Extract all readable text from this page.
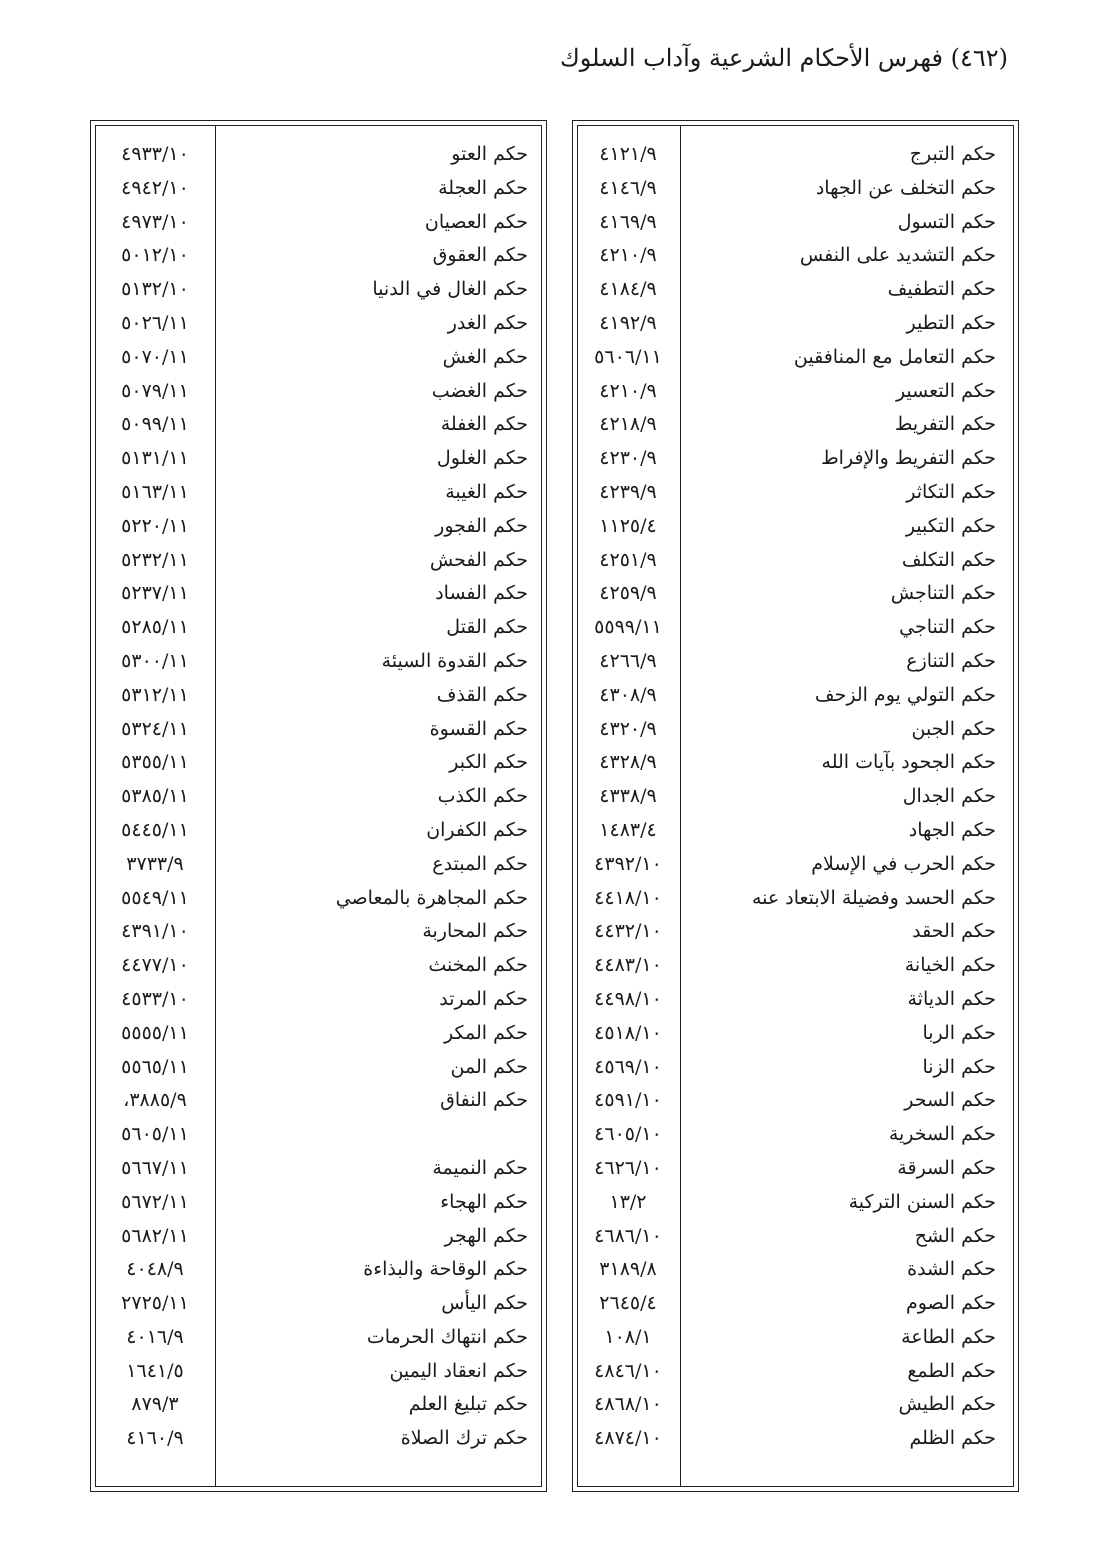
(٤٦٢) فهرس الأحكام الشرعية وآداب السلوك
حكم التبرج
٤١٢١/٩
حكم التخلف عن الجهاد
٤١٤٦/٩
حكم التسول
٤١٦٩/٩
حكم التشديد على النفس
٤٢١٠/٩
حكم التطفيف
٤١٨٤/٩
حكم التطير
٤١٩٢/٩
حكم التعامل مع المنافقين
٥٦٠٦/١١
حكم التعسير
٤٢١٠/٩
حكم التفريط
٤٢١٨/٩
حكم التفريط والإفراط
٤٢٣٠/٩
حكم التكاثر
٤٢٣٩/٩
حكم التكبير
١١٢٥/٤
حكم التكلف
٤٢٥١/٩
حكم التناجش
٤٢٥٩/٩
حكم التناجي
٥٥٩٩/١١
حكم التنازع
٤٢٦٦/٩
حكم التولي يوم الزحف
٤٣٠٨/٩
حكم الجبن
٤٣٢٠/٩
حكم الجحود بآيات الله
٤٣٢٨/٩
حكم الجدال
٤٣٣٨/٩
حكم الجهاد
١٤٨٣/٤
حكم الحرب في الإسلام
٤٣٩٢/١٠
حكم الحسد وفضيلة الابتعاد عنه
٤٤١٨/١٠
حكم الحقد
٤٤٣٢/١٠
حكم الخيانة
٤٤٨٣/١٠
حكم الدياثة
٤٤٩٨/١٠
حكم الربا
٤٥١٨/١٠
حكم الزنا
٤٥٦٩/١٠
حكم السحر
٤٥٩١/١٠
حكم السخرية
٤٦٠٥/١٠
حكم السرقة
٤٦٢٦/١٠
حكم السنن التركية
١٣/٢
حكم الشح
٤٦٨٦/١٠
حكم الشدة
٣١٨٩/٨
حكم الصوم
٢٦٤٥/٤
حكم الطاعة
١٠٨/١
حكم الطمع
٤٨٤٦/١٠
حكم الطيش
٤٨٦٨/١٠
حكم الظلم
٤٨٧٤/١٠
حكم العتو
٤٩٣٣/١٠
حكم العجلة
٤٩٤٢/١٠
حكم العصيان
٤٩٧٣/١٠
حكم العقوق
٥٠١٢/١٠
حكم الغال في الدنيا
٥١٣٢/١٠
حكم الغدر
٥٠٢٦/١١
حكم الغش
٥٠٧٠/١١
حكم الغضب
٥٠٧٩/١١
حكم الغفلة
٥٠٩٩/١١
حكم الغلول
٥١٣١/١١
حكم الغيبة
٥١٦٣/١١
حكم الفجور
٥٢٢٠/١١
حكم الفحش
٥٢٣٢/١١
حكم الفساد
٥٢٣٧/١١
حكم القتل
٥٢٨٥/١١
حكم القدوة السيئة
٥٣٠٠/١١
حكم القذف
٥٣١٢/١١
حكم القسوة
٥٣٢٤/١١
حكم الكبر
٥٣٥٥/١١
حكم الكذب
٥٣٨٥/١١
حكم الكفران
٥٤٤٥/١١
حكم المبتدع
٣٧٣٣/٩
حكم المجاهرة بالمعاصي
٥٥٤٩/١١
حكم المحاربة
٤٣٩١/١٠
حكم المخنث
٤٤٧٧/١٠
حكم المرتد
٤٥٣٣/١٠
حكم المكر
٥٥٥٥/١١
حكم المن
٥٥٦٥/١١
حكم النفاق
٣٨٨٥/٩،
٥٦٠٥/١١
حكم النميمة
٥٦٦٧/١١
حكم الهجاء
٥٦٧٢/١١
حكم الهجر
٥٦٨٢/١١
حكم الوقاحة والبذاءة
٤٠٤٨/٩
حكم اليأس
٢٧٢٥/١١
حكم انتهاك الحرمات
٤٠١٦/٩
حكم انعقاد اليمين
١٦٤١/٥
حكم تبليغ العلم
٨٧٩/٣
حكم ترك الصلاة
٤١٦٠/٩
